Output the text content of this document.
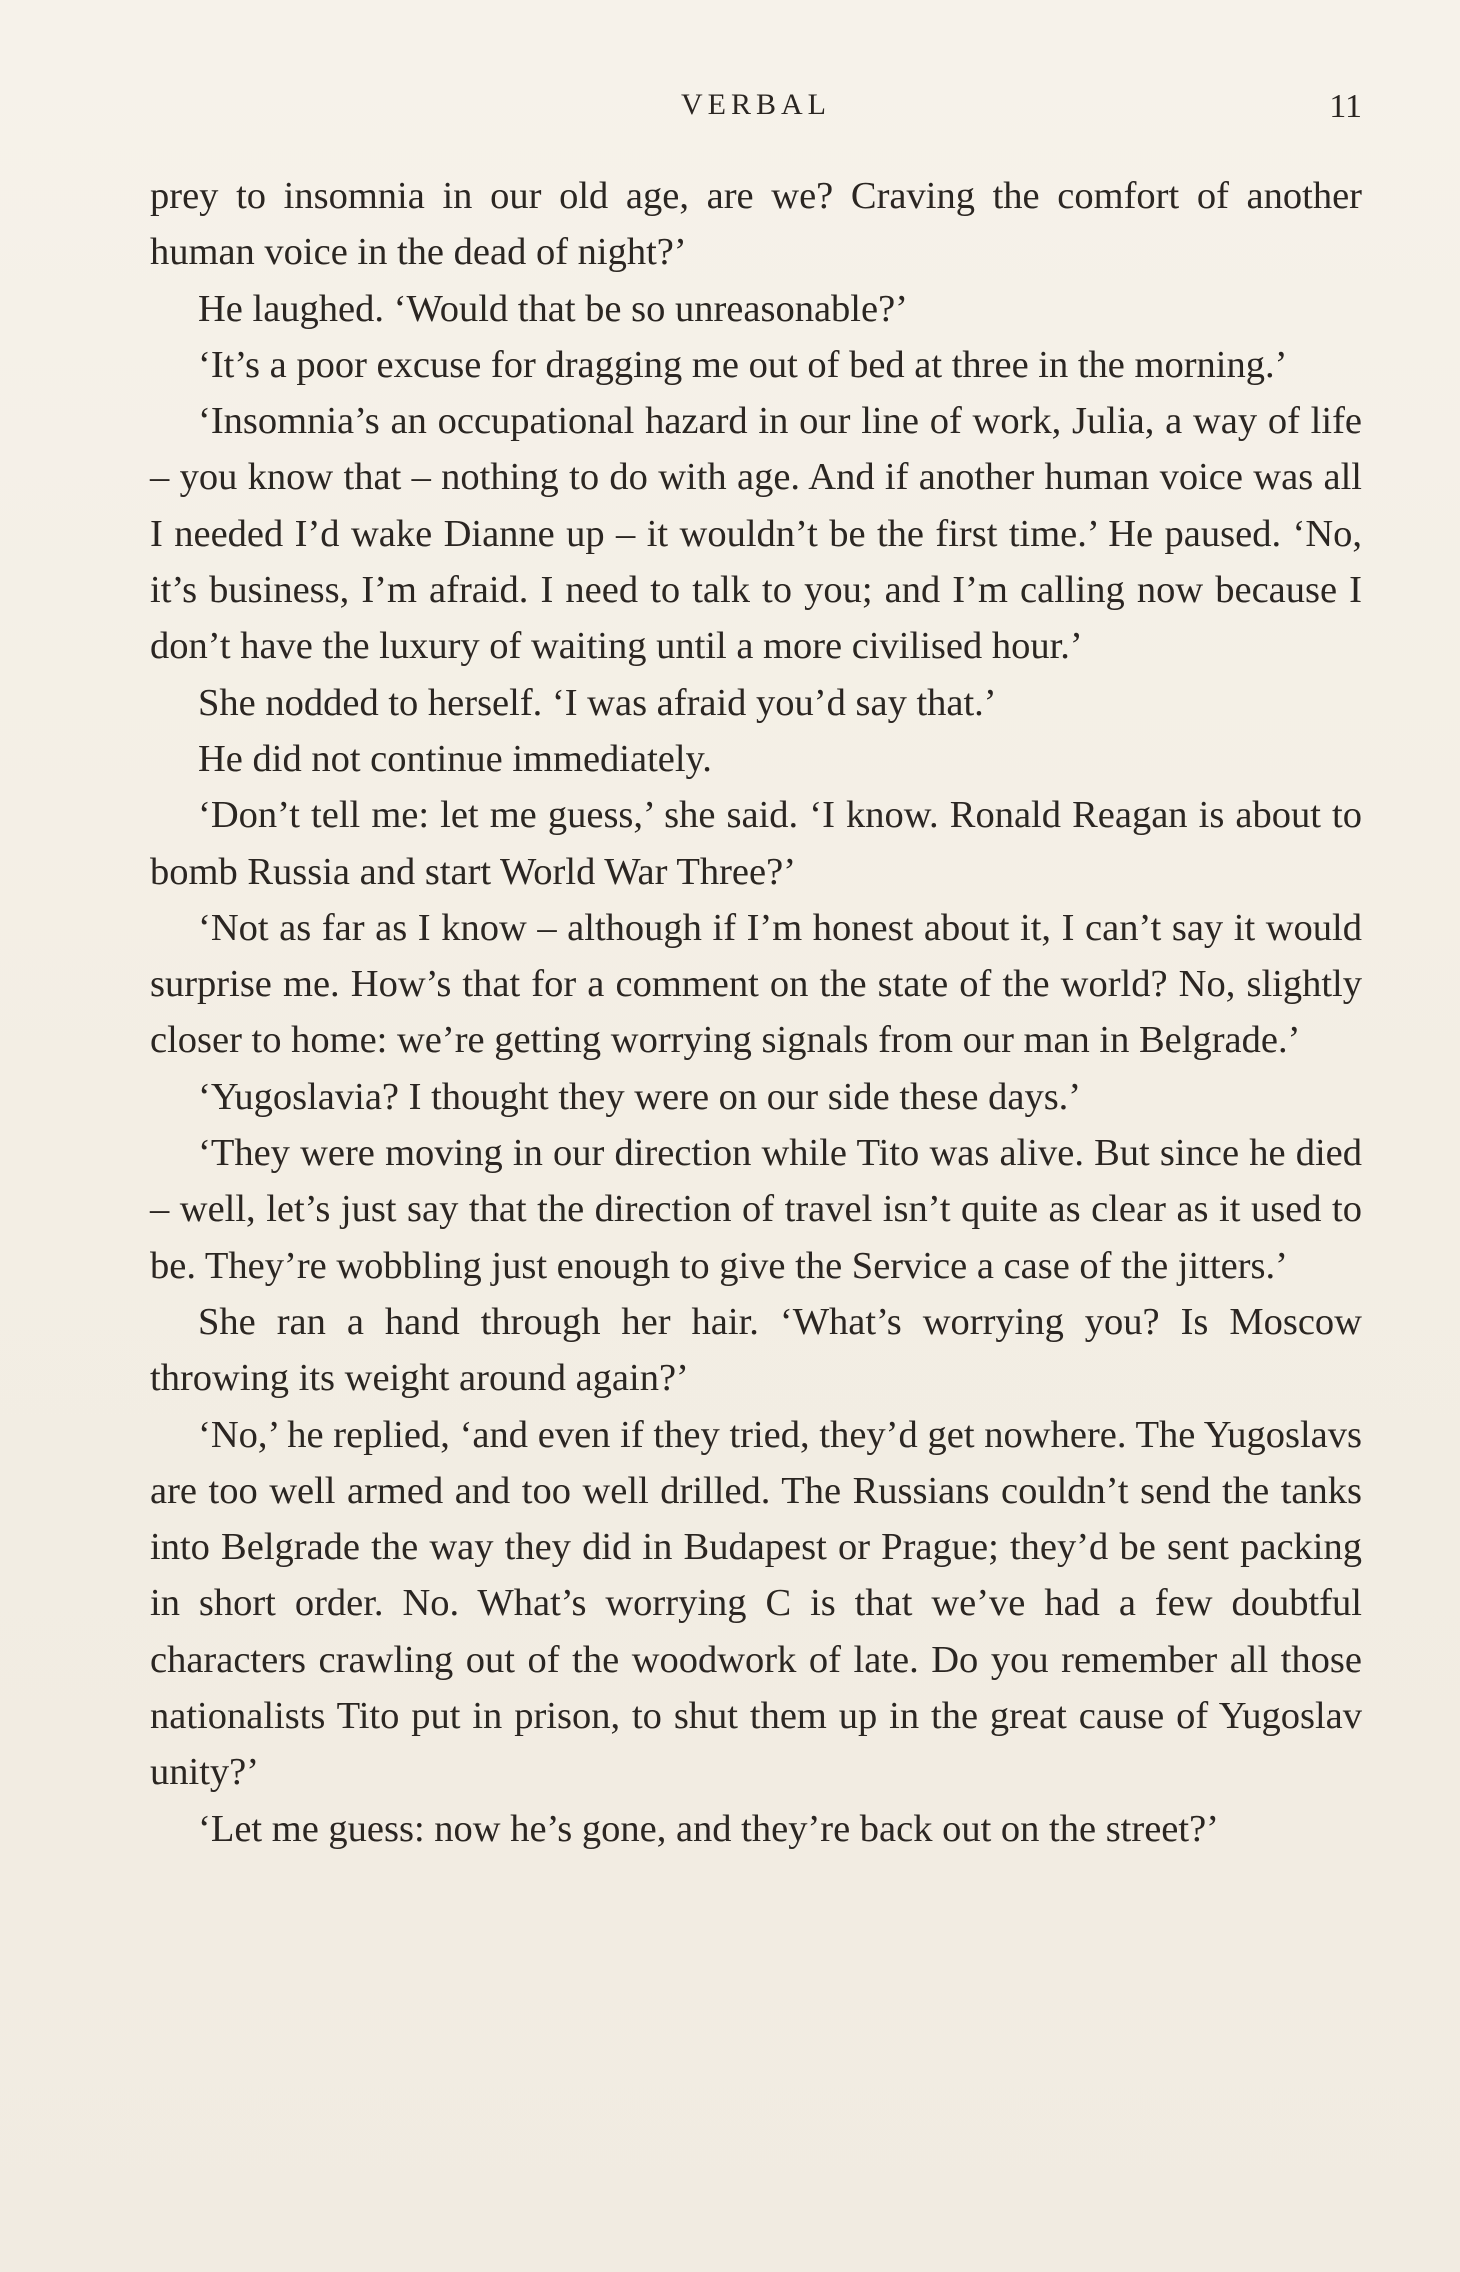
VERBAL	11

prey to insomnia in our old age, are we? Craving the comfort of another human voice in the dead of night?’

He laughed. ‘Would that be so unreasonable?’

‘It’s a poor excuse for dragging me out of bed at three in the morning.’

‘Insomnia’s an occupational hazard in our line of work, Julia, a way of life – you know that – nothing to do with age. And if another human voice was all I needed I’d wake Dianne up – it wouldn’t be the first time.’ He paused. ‘No, it’s business, I’m afraid. I need to talk to you; and I’m calling now because I don’t have the luxury of waiting until a more civilised hour.’

She nodded to herself. ‘I was afraid you’d say that.’

He did not continue immediately.

‘Don’t tell me: let me guess,’ she said. ‘I know. Ronald Reagan is about to bomb Russia and start World War Three?’

‘Not as far as I know – although if I’m honest about it, I can’t say it would surprise me. How’s that for a comment on the state of the world? No, slightly closer to home: we’re getting worrying signals from our man in Belgrade.’

‘Yugoslavia? I thought they were on our side these days.’

‘They were moving in our direction while Tito was alive. But since he died – well, let’s just say that the direction of travel isn’t quite as clear as it used to be. They’re wobbling just enough to give the Service a case of the jitters.’

She ran a hand through her hair. ‘What’s worrying you? Is Moscow throwing its weight around again?’

‘No,’ he replied, ‘and even if they tried, they’d get nowhere. The Yugoslavs are too well armed and too well drilled. The Russians couldn’t send the tanks into Belgrade the way they did in Budapest or Prague; they’d be sent packing in short order. No. What’s worrying C is that we’ve had a few doubtful characters crawling out of the woodwork of late. Do you remember all those nationalists Tito put in prison, to shut them up in the great cause of Yugoslav unity?’

‘Let me guess: now he’s gone, and they’re back out on the street?’
